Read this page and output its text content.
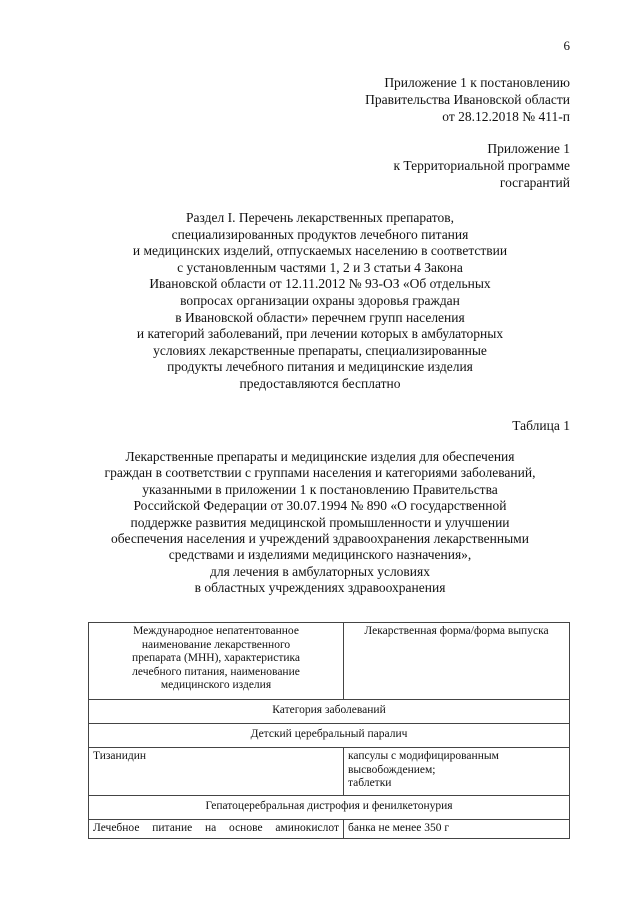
6
Приложение 1 к постановлению
Правительства Ивановской области
от 28.12.2018 № 411-п
Приложение 1
к Территориальной программе
госгарантий
Раздел I. Перечень лекарственных препаратов,
специализированных продуктов лечебного питания
и медицинских изделий, отпускаемых населению в соответствии
с установленным частями 1, 2 и 3 статьи 4 Закона
Ивановской области от 12.11.2012 № 93-ОЗ «Об отдельных
вопросах организации охраны здоровья граждан
в Ивановской области» перечнем групп населения
и категорий заболеваний, при лечении которых в амбулаторных
условиях лекарственные препараты, специализированные
продукты лечебного питания и медицинские изделия
предоставляются бесплатно
Таблица 1
Лекарственные препараты и медицинские изделия для обеспечения
граждан в соответствии с группами населения и категориями заболеваний,
указанными в приложении 1 к постановлению Правительства
Российской Федерации от 30.07.1994 № 890 «О государственной
поддержке развития медицинской промышленности и улучшении
обеспечения населения и учреждений здравоохранения лекарственными
средствами и изделиями медицинского назначения»,
для лечения в амбулаторных условиях
в областных учреждениях здравоохранения
Международное непатентованное
наименование лекарственного
препарата (МНН), характеристика
лечебного питания, наименование
медицинского изделия	Лекарственная форма/форма выпуска
Категория заболеваний	
Детский церебральный паралич	
Тизанидин	капсулы с модифицированным
высвобождением;
таблетки

Гепатоцеребральная дистрофия и фенилкетонурия	
Лечебное питание на основе аминокислот	банка не менее 350 г
